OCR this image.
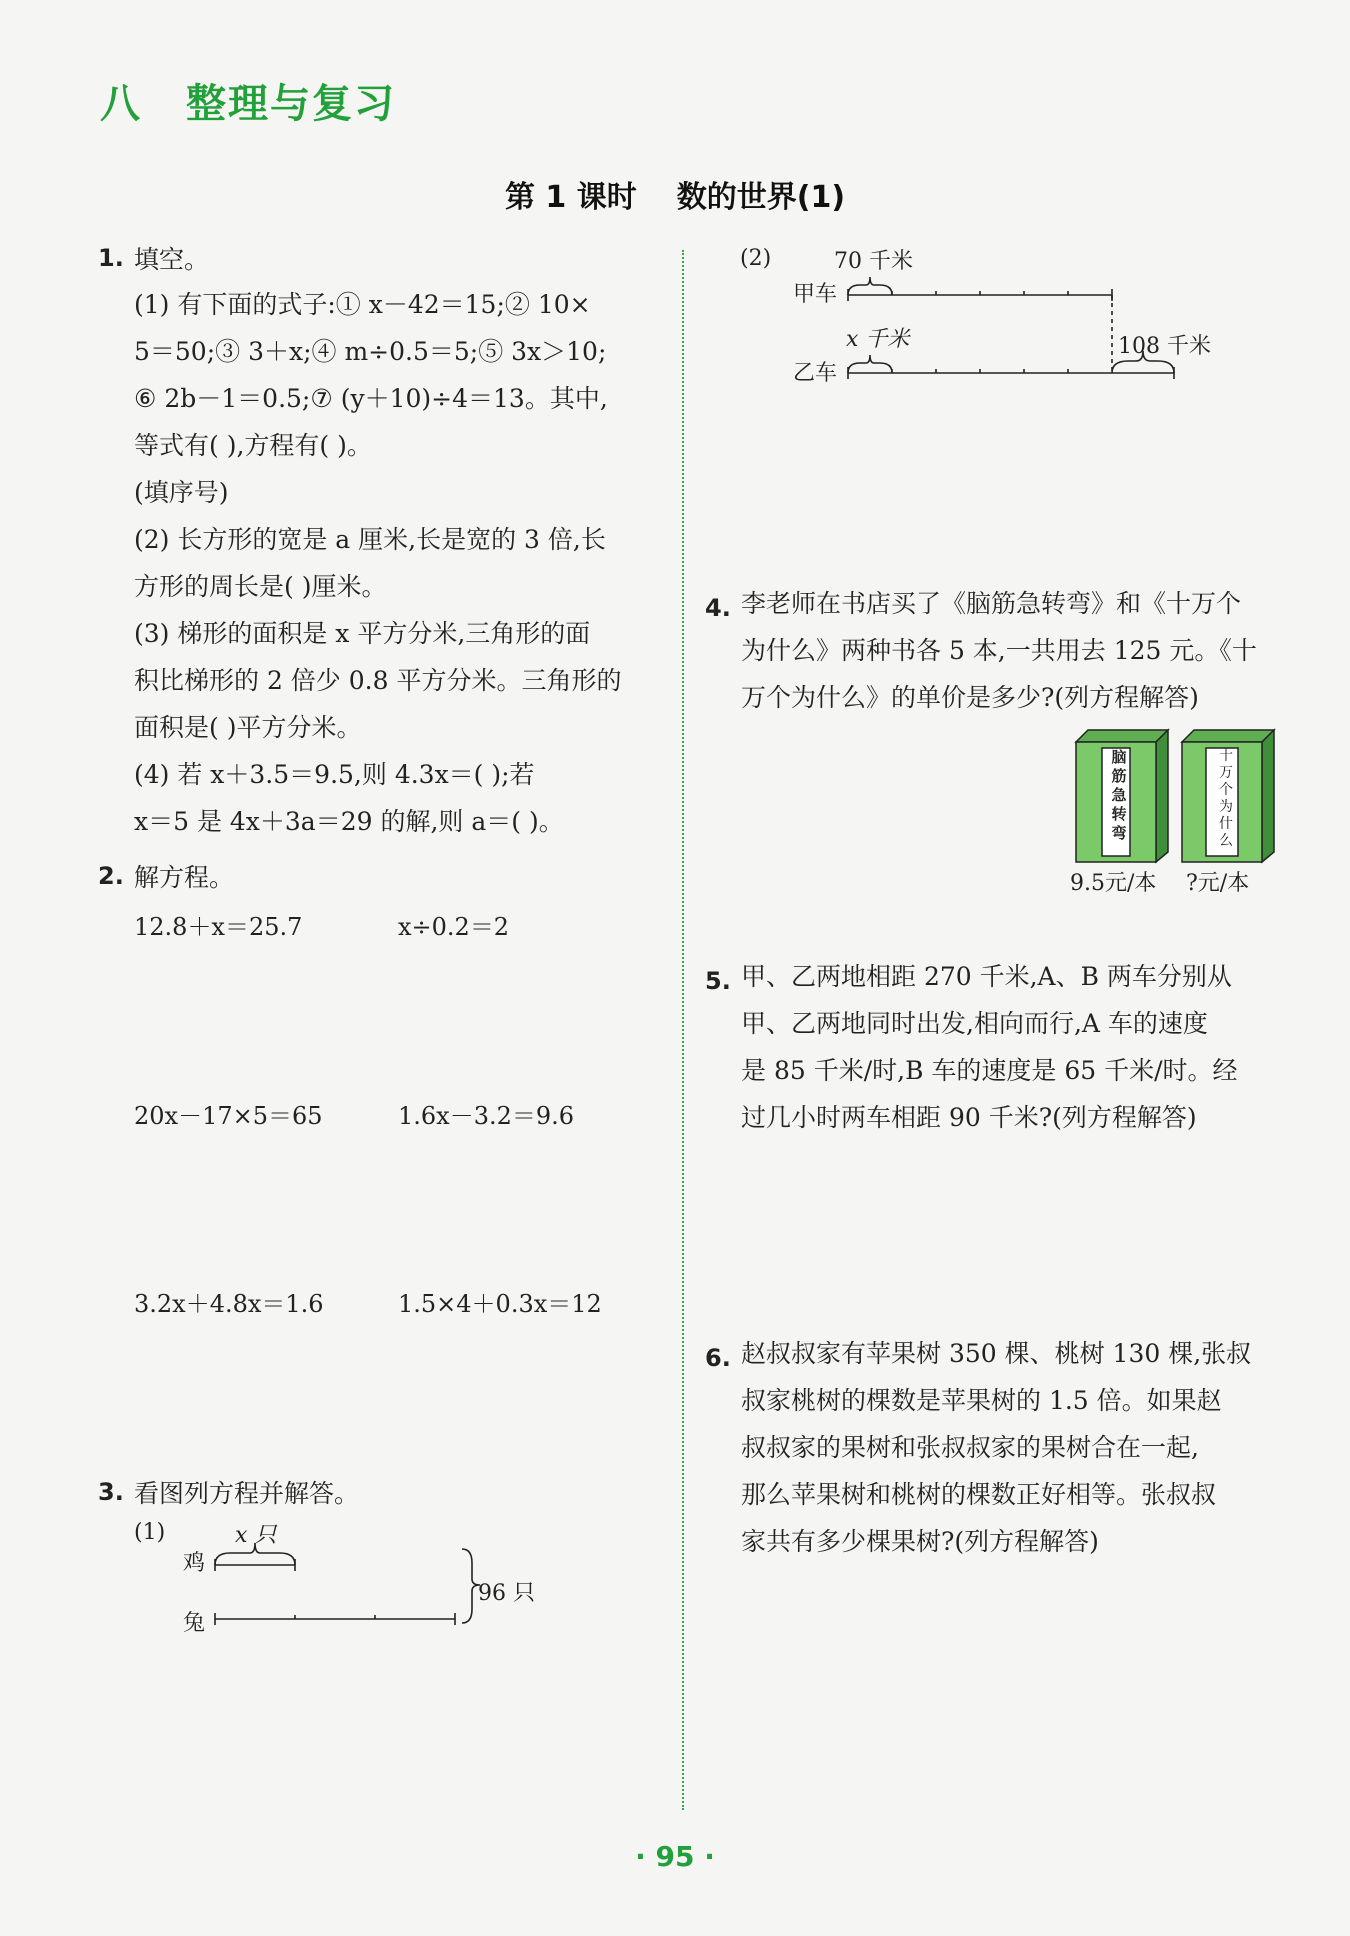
八 整理与复习
第 1 课时 数的世界(1)
1. 填空。
(1) 有下面的式子:① x－42＝15;② 10×
5＝50;③ 3＋x;④ m÷0.5＝5;⑤ 3x＞10;
⑥ 2b－1＝0.5;⑦ (y＋10)÷4＝13。其中,
等式有( ),方程有( )。
(填序号)
(2) 长方形的宽是 a 厘米,长是宽的 3 倍,长
方形的周长是( )厘米。
(3) 梯形的面积是 x 平方分米,三角形的面
积比梯形的 2 倍少 0.8 平方分米。三角形的
面积是( )平方分米。
(4) 若 x＋3.5＝9.5,则 4.3x＝( );若
x＝5 是 4x＋3a＝29 的解,则 a＝( )。
2. 解方程。
12.8＋x＝25.7	x÷0.2＝2
20x－17×5＝65	1.6x－3.2＝9.6
3.2x＋4.8x＝1.6	1.5×4＋0.3x＝12
3. 看图列方程并解答。
(1)	x 只
鸡
兔
96 只
(2)	70 千米
甲车
x 千米	108 千米
乙车
4. 李老师在书店买了《脑筋急转弯》和《十万个
为什么》两种书各 5 本,一共用去 125 元。《十
万个为什么》的单价是多少?(列方程解答)
脑
筋
急
转
弯
十
万
个
为
什
么
9.5元/本 ?元/本
5. 甲、乙两地相距 270 千米,A、B 两车分别从
甲、乙两地同时出发,相向而行,A 车的速度
是 85 千米/时,B 车的速度是 65 千米/时。经
过几小时两车相距 90 千米?(列方程解答)
6. 赵叔叔家有苹果树 350 棵、桃树 130 棵,张叔
叔家桃树的棵数是苹果树的 1.5 倍。如果赵
叔叔家的果树和张叔叔家的果树合在一起,
那么苹果树和桃树的棵数正好相等。张叔叔
家共有多少棵果树?(列方程解答)
· 95 ·
